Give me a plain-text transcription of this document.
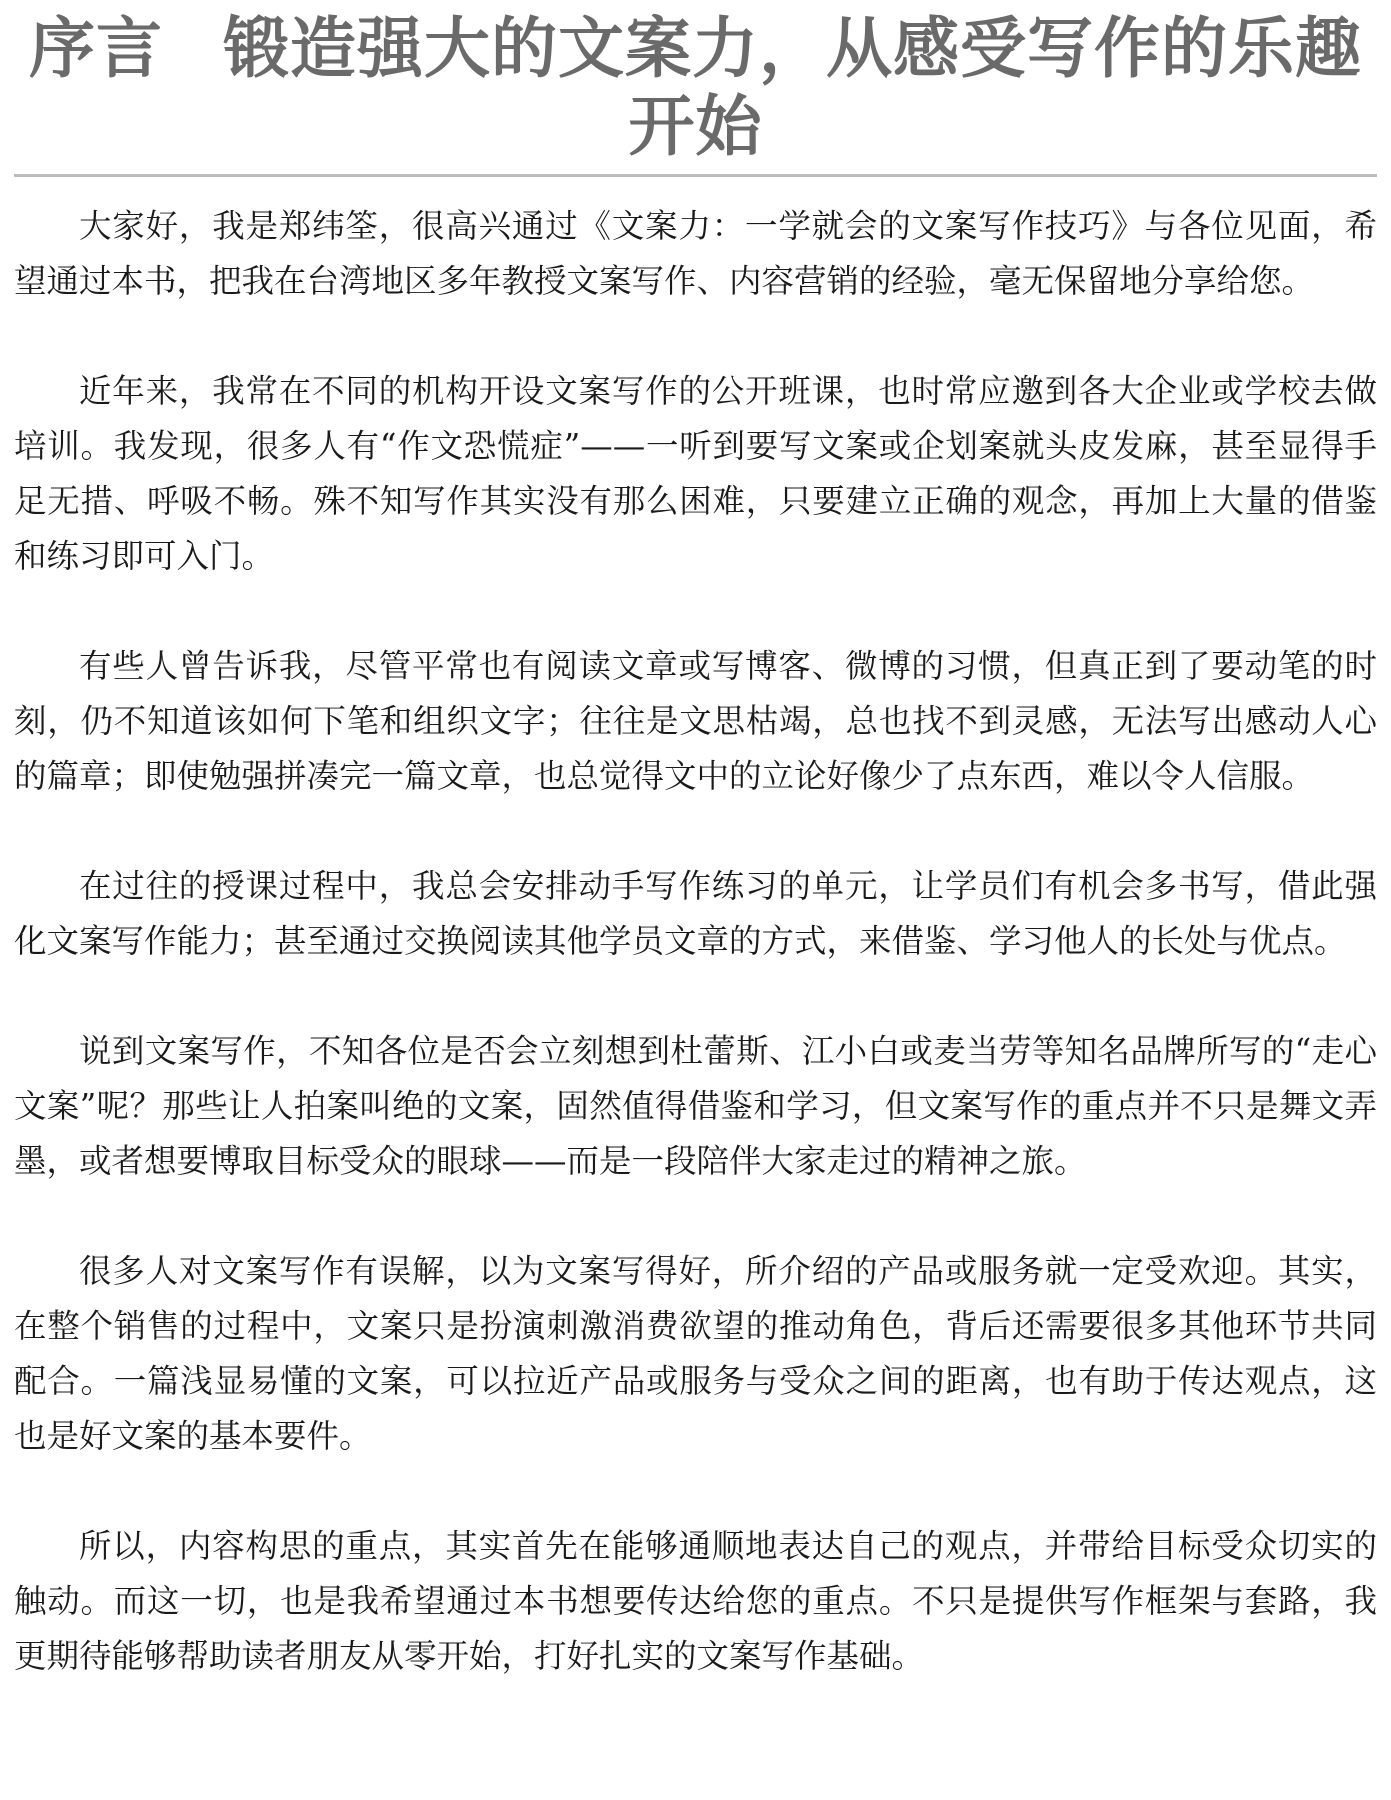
序言 锻造强大的文案力，从感受写作的乐趣开始

大家好，我是郑纬筌，很高兴通过《文案力：一学就会的文案写作技巧》与各位见面，希望通过本书，把我在台湾地区多年教授文案写作、内容营销的经验，毫无保留地分享给您。

近年来，我常在不同的机构开设文案写作的公开班课，也时常应邀到各大企业或学校去做培训。我发现，很多人有“作文恐慌症”——一听到要写文案或企划案就头皮发麻，甚至显得手足无措、呼吸不畅。殊不知写作其实没有那么困难，只要建立正确的观念，再加上大量的借鉴和练习即可入门。

有些人曾告诉我，尽管平常也有阅读文章或写博客、微博的习惯，但真正到了要动笔的时刻，仍不知道该如何下笔和组织文字；往往是文思枯竭，总也找不到灵感，无法写出感动人心的篇章；即使勉强拼凑完一篇文章，也总觉得文中的立论好像少了点东西，难以令人信服。

在过往的授课过程中，我总会安排动手写作练习的单元，让学员们有机会多书写，借此强化文案写作能力；甚至通过交换阅读其他学员文章的方式，来借鉴、学习他人的长处与优点。

说到文案写作，不知各位是否会立刻想到杜蕾斯、江小白或麦当劳等知名品牌所写的“走心文案”呢？那些让人拍案叫绝的文案，固然值得借鉴和学习，但文案写作的重点并不只是舞文弄墨，或者想要博取目标受众的眼球——而是一段陪伴大家走过的精神之旅。

很多人对文案写作有误解，以为文案写得好，所介绍的产品或服务就一定受欢迎。其实，在整个销售的过程中，文案只是扮演刺激消费欲望的推动角色，背后还需要很多其他环节共同配合。一篇浅显易懂的文案，可以拉近产品或服务与受众之间的距离，也有助于传达观点，这也是好文案的基本要件。

所以，内容构思的重点，其实首先在能够通顺地表达自己的观点，并带给目标受众切实的触动。而这一切，也是我希望通过本书想要传达给您的重点。不只是提供写作框架与套路，我更期待能够帮助读者朋友从零开始，打好扎实的文案写作基础。
